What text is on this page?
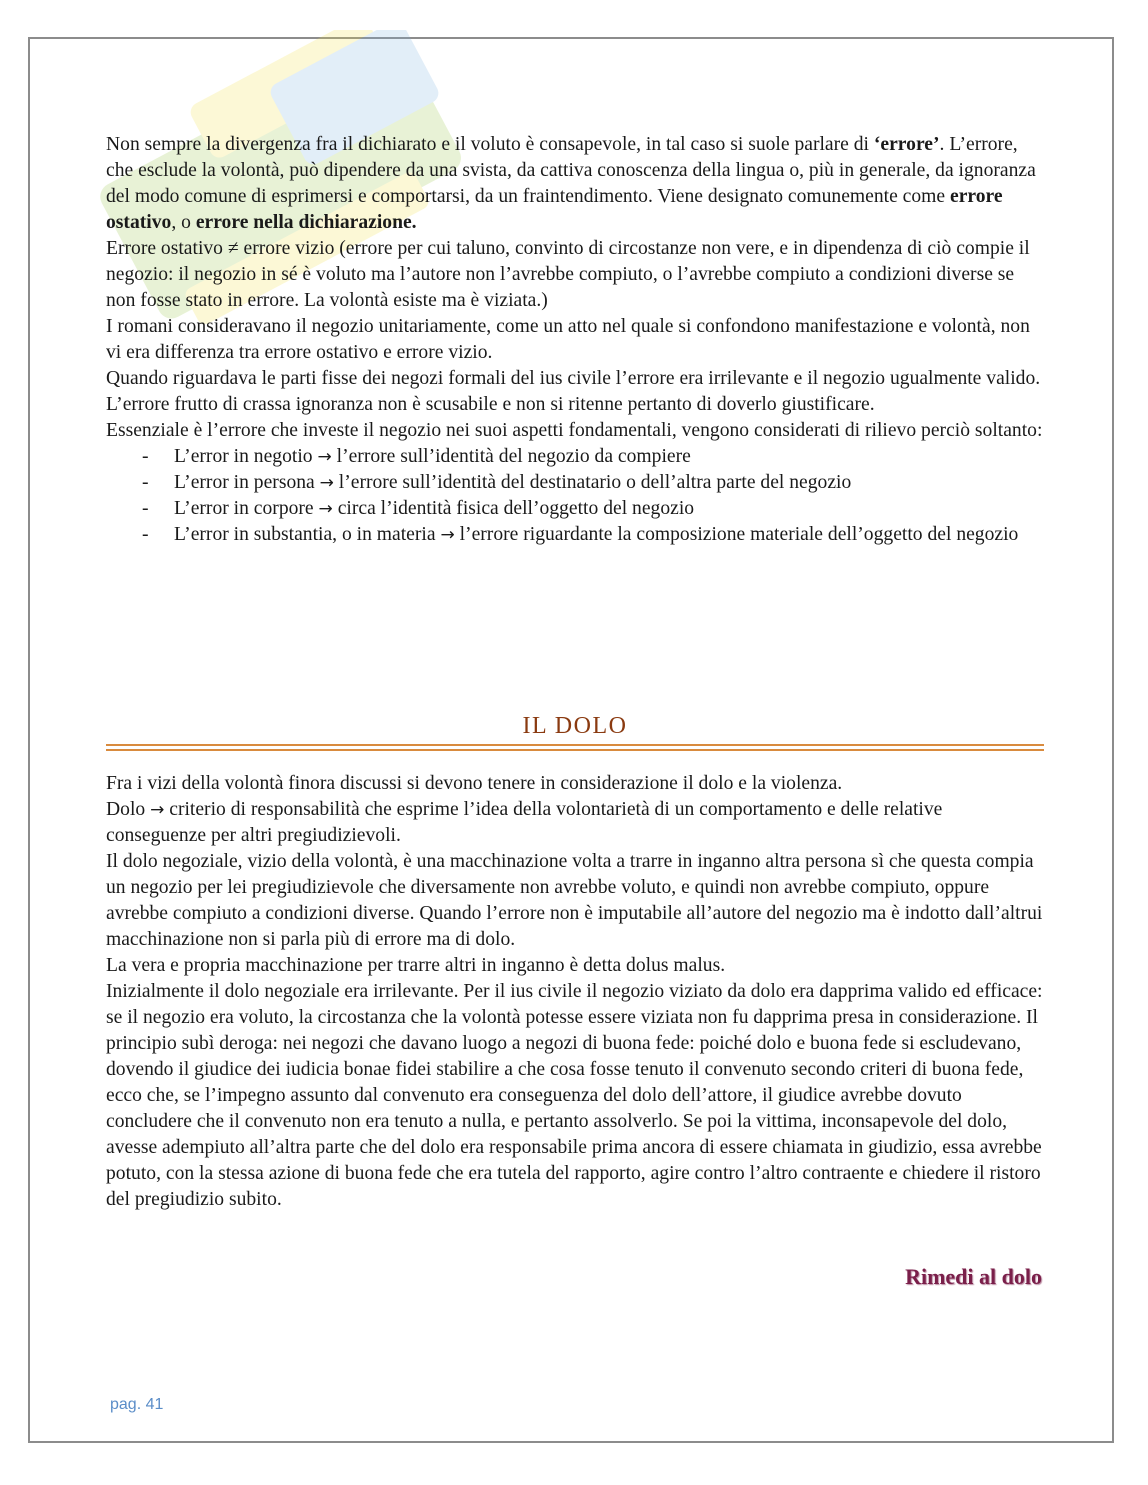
Non sempre la divergenza fra il dichiarato e il voluto è consapevole, in tal caso si suole parlare di ‘errore’. L’errore, che esclude la volontà, può dipendere da una svista, da cattiva conoscenza della lingua o, più in generale, da ignoranza del modo comune di esprimersi e comportarsi, da un fraintendimento. Viene designato comunemente come errore ostativo, o errore nella dichiarazione.

Errore ostativo ≠ errore vizio (errore per cui taluno, convinto di circostanze non vere, e in dipendenza di ciò compie il negozio: il negozio in sé è voluto ma l’autore non l’avrebbe compiuto, o l’avrebbe compiuto a condizioni diverse se non fosse stato in errore. La volontà esiste ma è viziata.)

I romani consideravano il negozio unitariamente, come un atto nel quale si confondono manifestazione e volontà, non vi era differenza tra errore ostativo e errore vizio.

Quando riguardava le parti fisse dei negozi formali del ius civile l’errore era irrilevante e il negozio ugualmente valido.

L’errore frutto di crassa ignoranza non è scusabile e non si ritenne pertanto di doverlo giustificare.

Essenziale è l’errore che investe il negozio nei suoi aspetti fondamentali, vengono considerati di rilievo perciò soltanto:

- L’error in negotio → l’errore sull’identità del negozio da compiere
- L’error in persona → l’errore sull’identità del destinatario o dell’altra parte del negozio
- L’error in corpore → circa l’identità fisica dell’oggetto del negozio
- L’error in substantia, o in materia → l’errore riguardante la composizione materiale dell’oggetto del negozio
IL DOLO

Fra i vizi della volontà finora discussi si devono tenere in considerazione il dolo e la violenza.

Dolo → criterio di responsabilità che esprime l’idea della volontarietà di un comportamento e delle relative conseguenze per altri pregiudizievoli.

Il dolo negoziale, vizio della volontà, è una macchinazione volta a trarre in inganno altra persona sì che questa compia un negozio per lei pregiudizievole che diversamente non avrebbe voluto, e quindi non avrebbe compiuto, oppure avrebbe compiuto a condizioni diverse. Quando l’errore non è imputabile all’autore del negozio ma è indotto dall’altrui macchinazione non si parla più di errore ma di dolo.

La vera e propria macchinazione per trarre altri in inganno è detta dolus malus.

Inizialmente il dolo negoziale era irrilevante. Per il ius civile il negozio viziato da dolo era dapprima valido ed efficace: se il negozio era voluto, la circostanza che la volontà potesse essere viziata non fu dapprima presa in considerazione. Il principio subì deroga: nei negozi che davano luogo a negozi di buona fede: poiché dolo e buona fede si escludevano, dovendo il giudice dei iudicia bonae fidei stabilire a che cosa fosse tenuto il convenuto secondo criteri di buona fede, ecco che, se l’impegno assunto dal convenuto era conseguenza del dolo dell’attore, il giudice avrebbe dovuto concludere che il convenuto non era tenuto a nulla, e pertanto assolverlo. Se poi la vittima, inconsapevole del dolo, avesse adempiuto all’altra parte che del dolo era responsabile prima ancora di essere chiamata in giudizio, essa avrebbe potuto, con la stessa azione di buona fede che era tutela del rapporto, agire contro l’altro contraente e chiedere il ristoro del pregiudizio subito.

Rimedi al dolo
pag. 41
